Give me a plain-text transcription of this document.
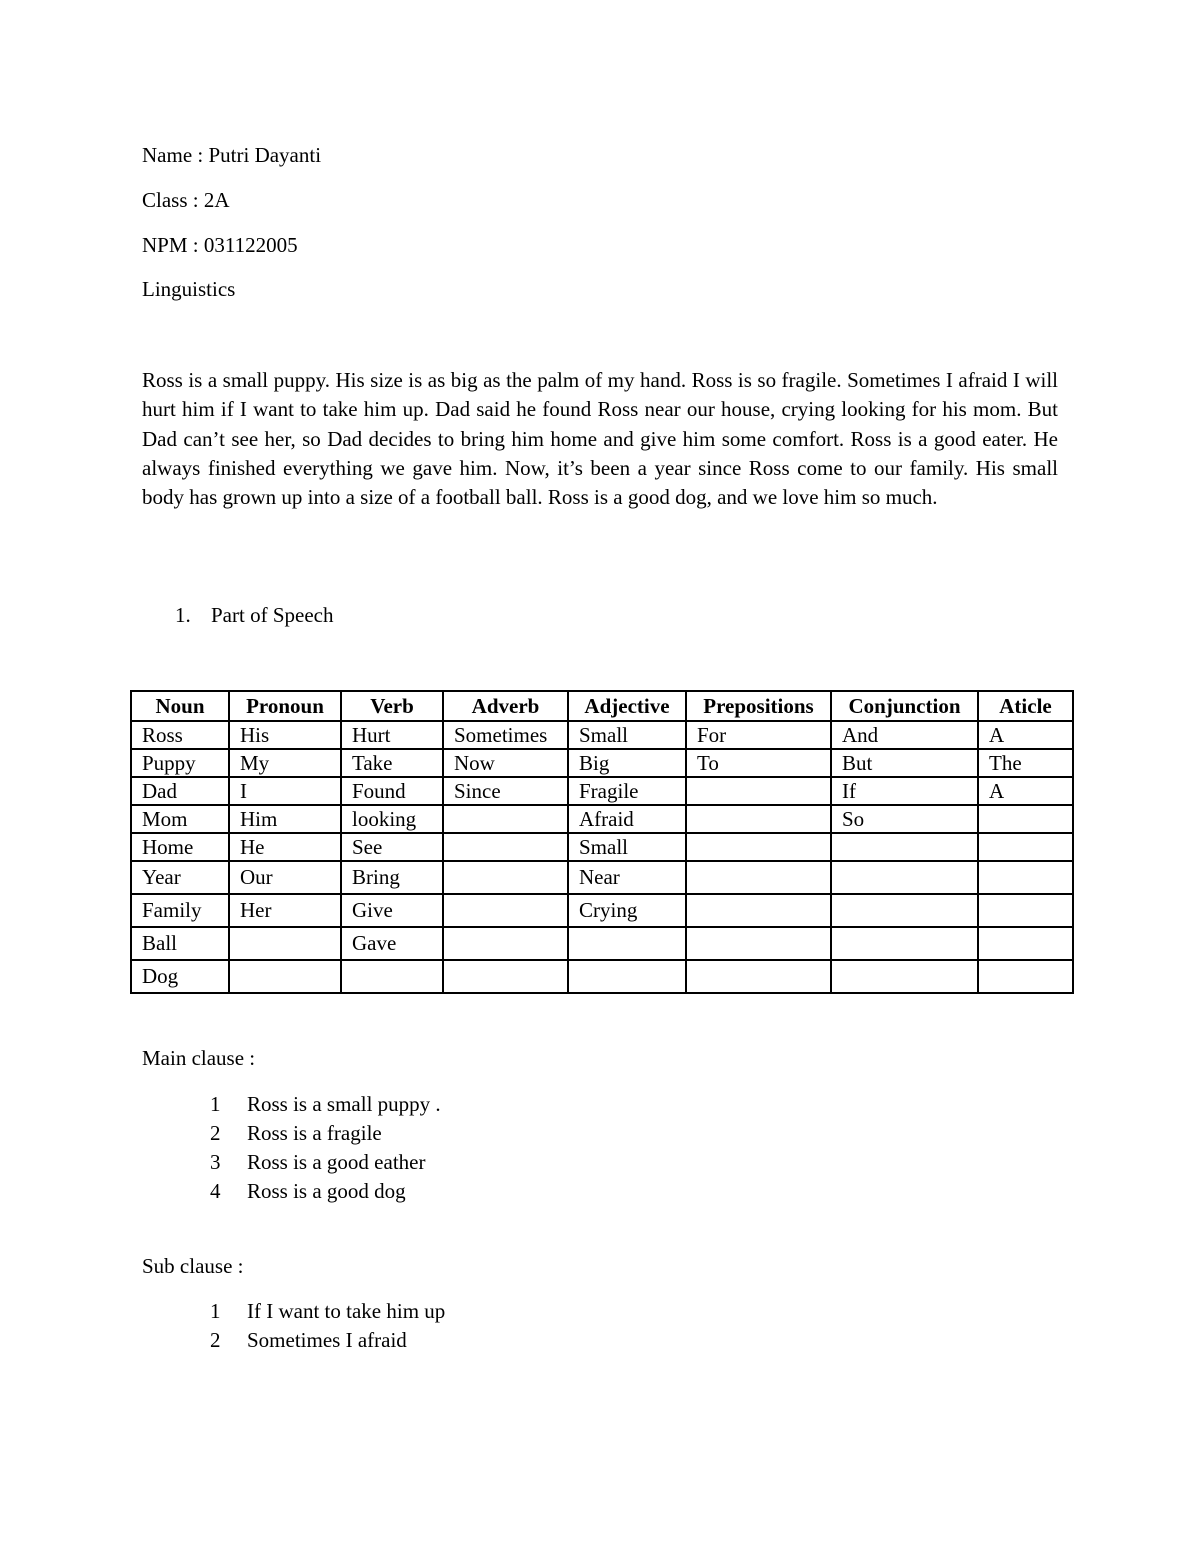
Name : Putri Dayanti

Class : 2A

NPM : 031122005

Linguistics

Ross is a small puppy. His size is as big as the palm of my hand. Ross is so fragile. Sometimes I afraid I will hurt him if I want to take him up. Dad said he found Ross near our house, crying looking for his mom. But Dad can’t see her, so Dad decides to bring him home and give him some comfort. Ross is a good eater. He always finished everything we gave him. Now, it’s been a year since Ross come to our family. His small body has grown up into a size of a football ball. Ross is a good dog, and we love him so much.

1. Part of Speech

Noun	Pronoun	Verb	Adverb	Adjective	Prepositions	Conjunction	Aticle
Ross	His	Hurt	Sometimes	Small	For	And	A
Puppy	My	Take	Now	Big	To	But	The
Dad	I	Found	Since	Fragile		If	A
Mom	Him	looking		Afraid		So	
Home	He	See		Small			
Year	Our	Bring		Near			
Family	Her	Give		Crying			
Ball		Gave					
Dog							

Main clause :

1 Ross is a small puppy .
2 Ross is a fragile
3 Ross is a good eather
4 Ross is a good dog

Sub clause :

1 If I want to take him up
2 Sometimes I afraid
